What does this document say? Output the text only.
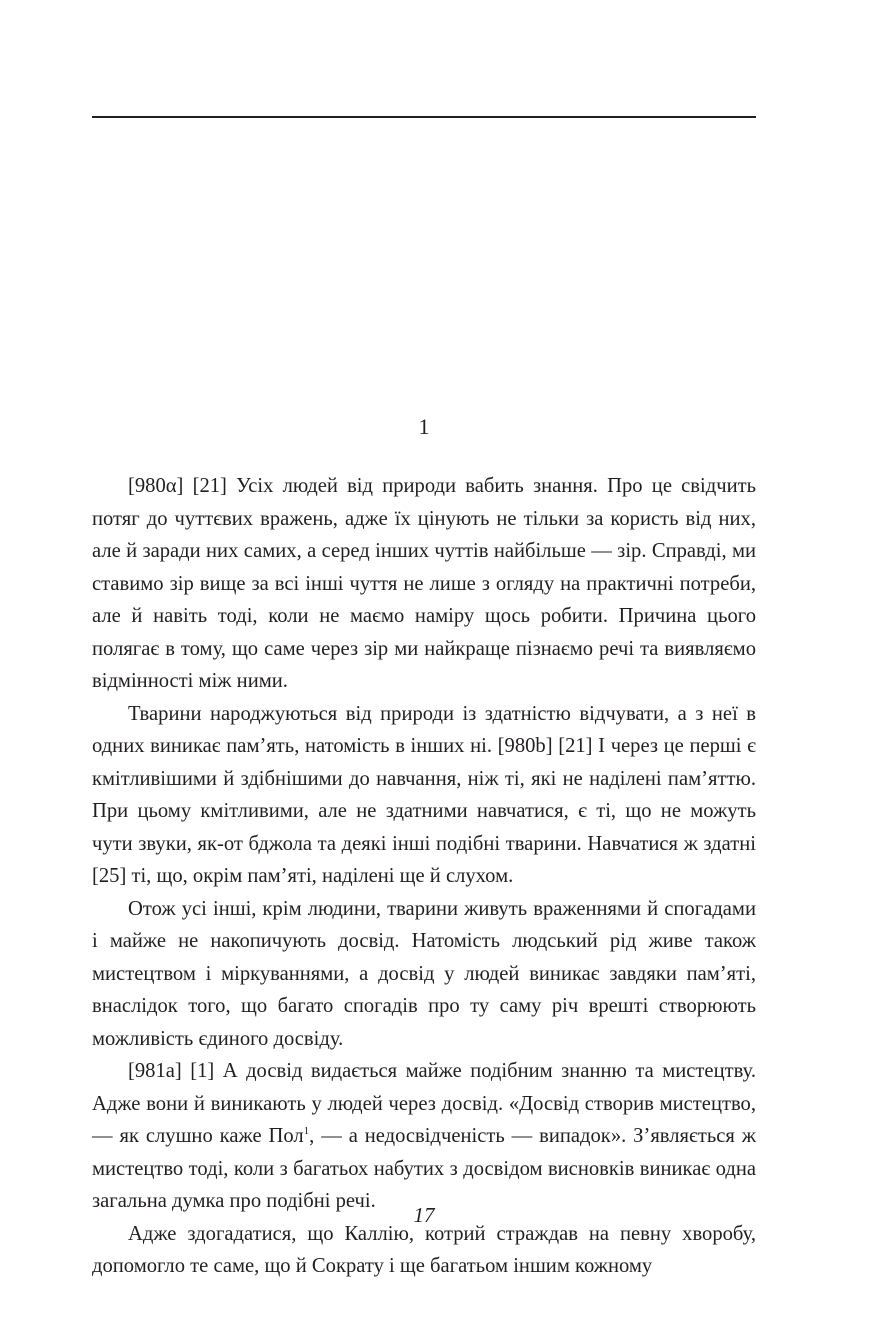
1

[980α] [21] Усіх людей від природи вабить знання. Про це свідчить потяг до чуттєвих вражень, адже їх цінують не тільки за користь від них, але й заради них самих, а серед інших чуттів найбільше — зір. Справді, ми ставимо зір вище за всі інші чуття не лише з огляду на практичні потреби, але й навіть тоді, коли не маємо наміру щось робити. Причина цього полягає в тому, що саме через зір ми найкраще пізнаємо речі та виявляємо відмінності між ними.

Тварини народжуються від природи із здатністю відчувати, а з неї в одних виникає пам’ять, натомість в інших ні. [980b] [21] І через це перші є кмітливішими й здібнішими до навчання, ніж ті, які не наділені пам’яттю. При цьому кмітливими, але не здатними навчатися, є ті, що не можуть чути звуки, як-от бджола та деякі інші подібні тварини. Навчатися ж здатні [25] ті, що, окрім пам’яті, наділені ще й слухом.

Отож усі інші, крім людини, тварини живуть враженнями й спогадами і майже не накопичують досвід. Натомість людський рід живе також мистецтвом і міркуваннями, а досвід у людей виникає завдяки пам’яті, внаслідок того, що багато спогадів про ту саму річ врешті створюють можливість єдиного досвіду.

[981a] [1] А досвід видається майже подібним знанню та мистецтву. Адже вони й виникають у людей через досвід. «Досвід створив мистецтво, — як слушно каже Пол$^1$, — а недосвідченість — випадок». З’являється ж мистецтво тоді, коли з багатьох набутих з досвідом висновків виникає одна загальна думка про подібні речі.

Адже здогадатися, що Каллію, котрий страждав на певну хворобу, допомогло те саме, що й Сократу і ще багатьом іншим кожному

17
